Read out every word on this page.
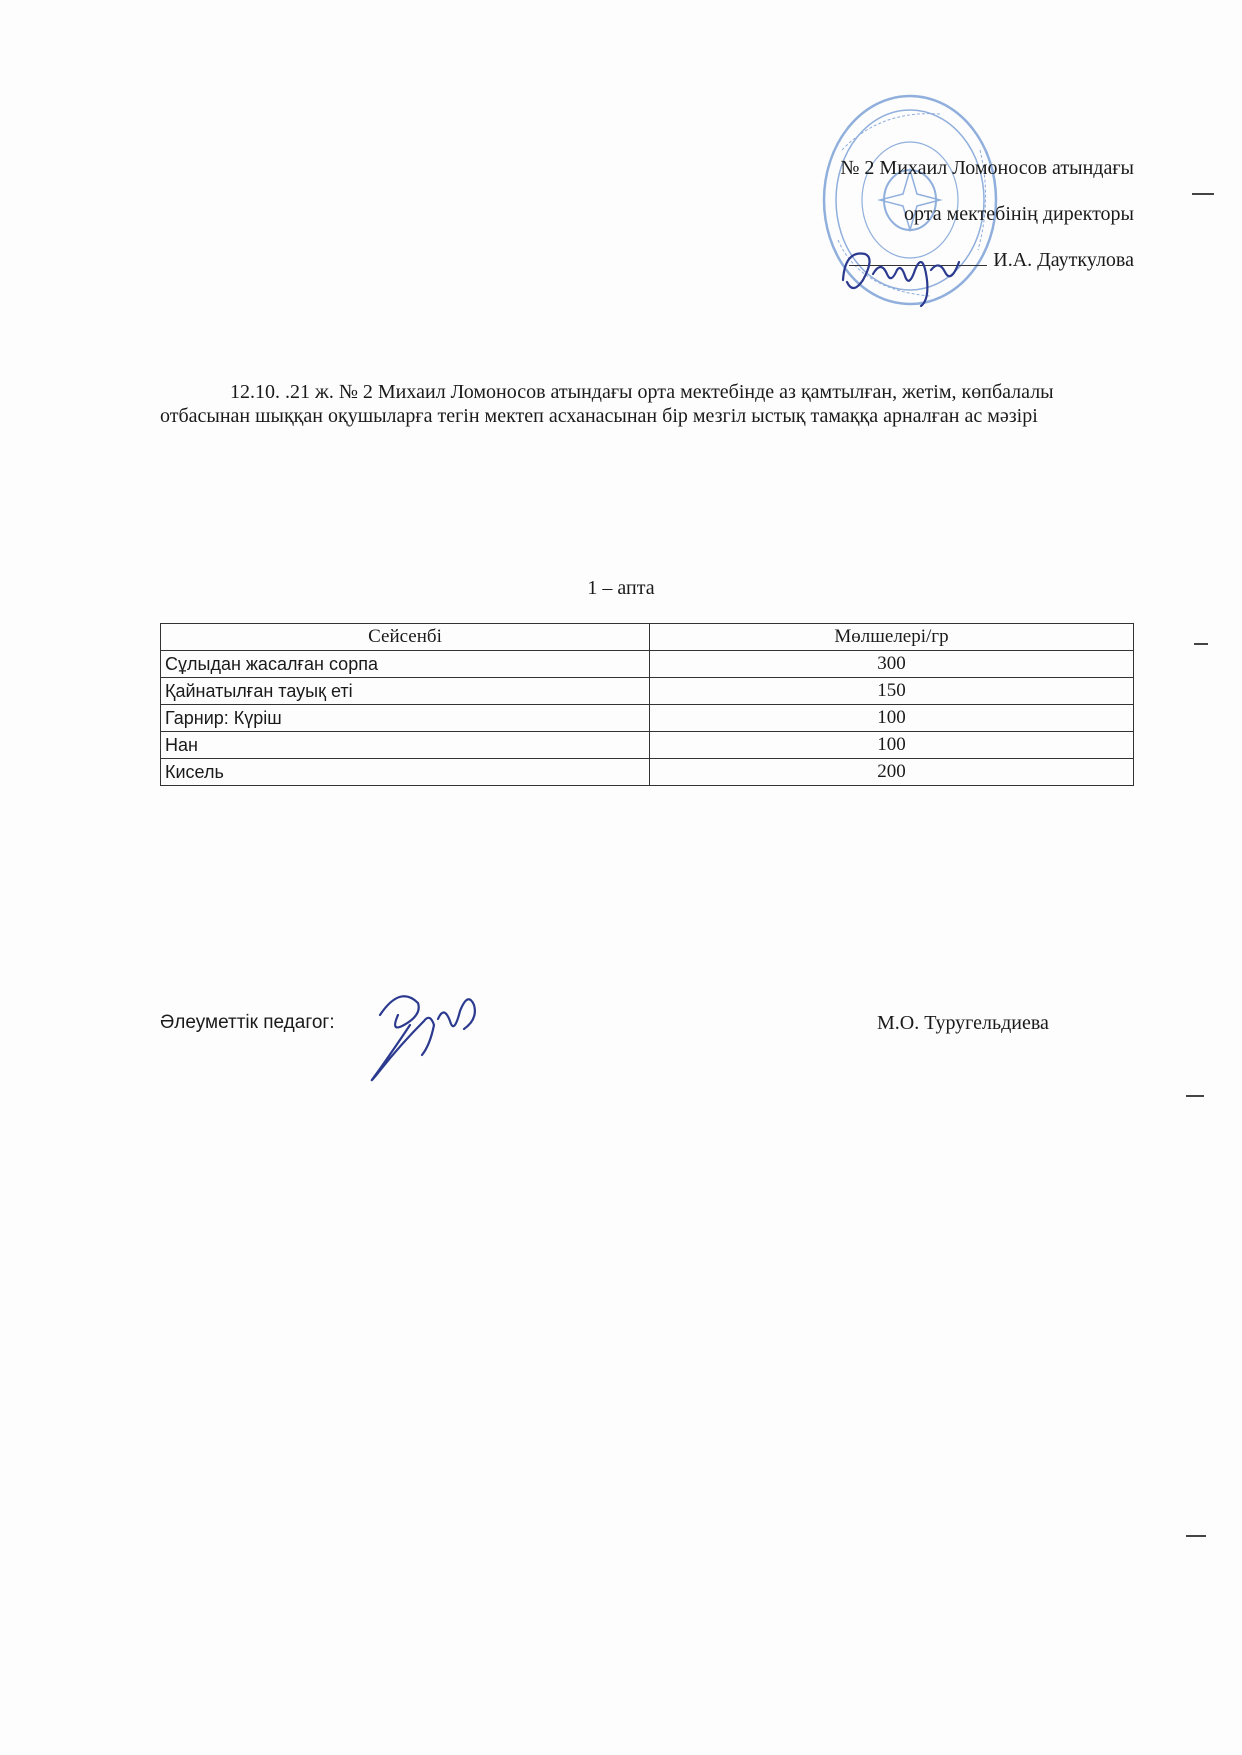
№ 2 Михаил Ломоносов атындағы
орта мектебінің директоры
И.А. Дауткулова
12.10. .21 ж. № 2 Михаил Ломоносов атындағы орта мектебінде аз қамтылған, жетім, көпбалалы отбасынан шыққан оқушыларға тегін мектеп асханасынан бір мезгіл ыстық тамаққа арналған ас мәзірі
1 – апта
Сейсенбі	Мөлшелері/гр
Сұлыдан жасалған сорпа	300
Қайнатылған тауық еті	150
Гарнир: Күріш	100
Нан	100
Кисель	200
Әлеуметтік педагог:	М.О. Туругельдиева
